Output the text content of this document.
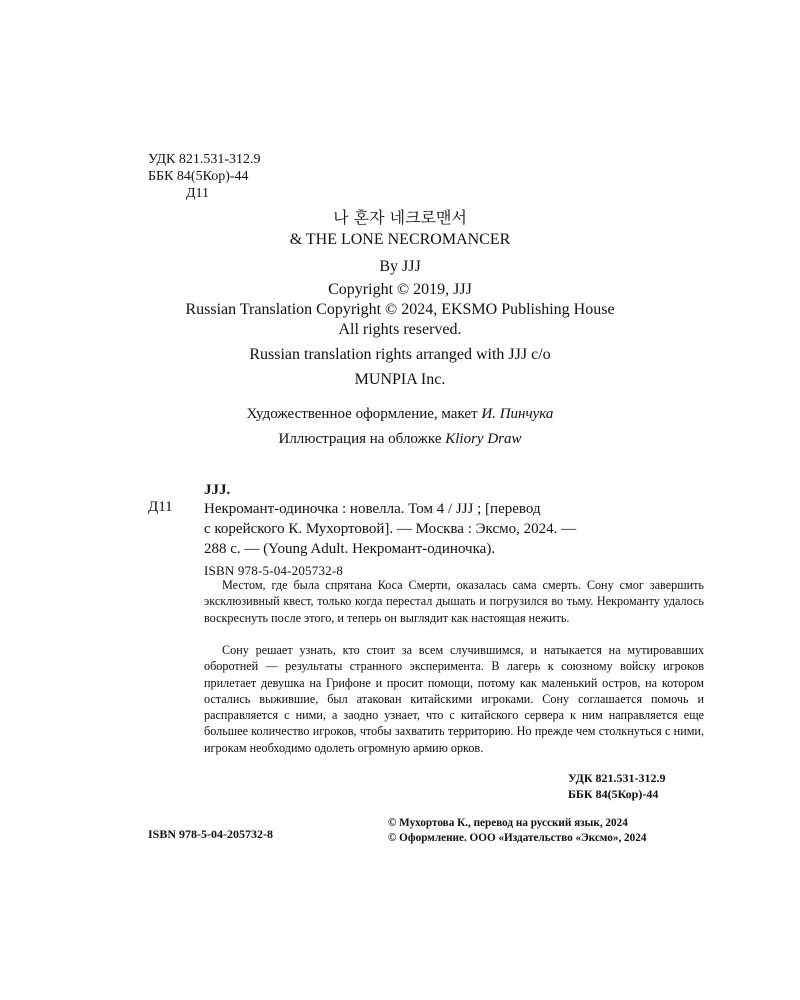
УДК 821.531-312.9
ББК 84(5Кор)-44
Д11
나 혼자 네크로맨서
& THE LONE NECROMANCER
By JJJ
Copyright © 2019, JJJ
Russian Translation Copyright © 2024, EKSMO Publishing House
All rights reserved.
Russian translation rights arranged with JJJ c/o
MUNPIA Inc.
Художественное оформление, макет И. Пинчука
Иллюстрация на обложке Kliory Draw
JJJ.
Д11 Некромант-одиночка : новелла. Том 4 / JJJ ; [перевод
с корейского К. Мухортовой]. — Москва : Эксмо, 2024. —
288 с. — (Young Adult. Некромант-одиночка).
ISBN 978-5-04-205732-8

Местом, где была спрятана Коса Смерти, оказалась сама смерть. Сону смог завершить эксклюзивный квест, только когда перестал дышать и погрузился во тьму. Некроманту удалось воскреснуть после этого, и теперь он выглядит как настоящая нежить.

Сону решает узнать, кто стоит за всем случившимся, и натыкается на мутировавших оборотней — результаты странного эксперимента. В лагерь к союзному войску игроков прилетает девушка на Грифоне и просит помощи, потому как маленький остров, на котором остались выжившие, был атакован китайскими игроками. Сону соглашается помочь и расправляется с ними, а заодно узнает, что с китайского сервера к ним направляется еще большее количество игроков, чтобы захватить территорию. Но прежде чем столкнуться с ними, игрокам необходимо одолеть огромную армию орков.

УДК 821.531-312.9
ББК 84(5Кор)-44
ISBN 978-5-04-205732-8
© Мухортова К., перевод на русский язык, 2024
© Оформление. ООО «Издательство «Эксмо», 2024
